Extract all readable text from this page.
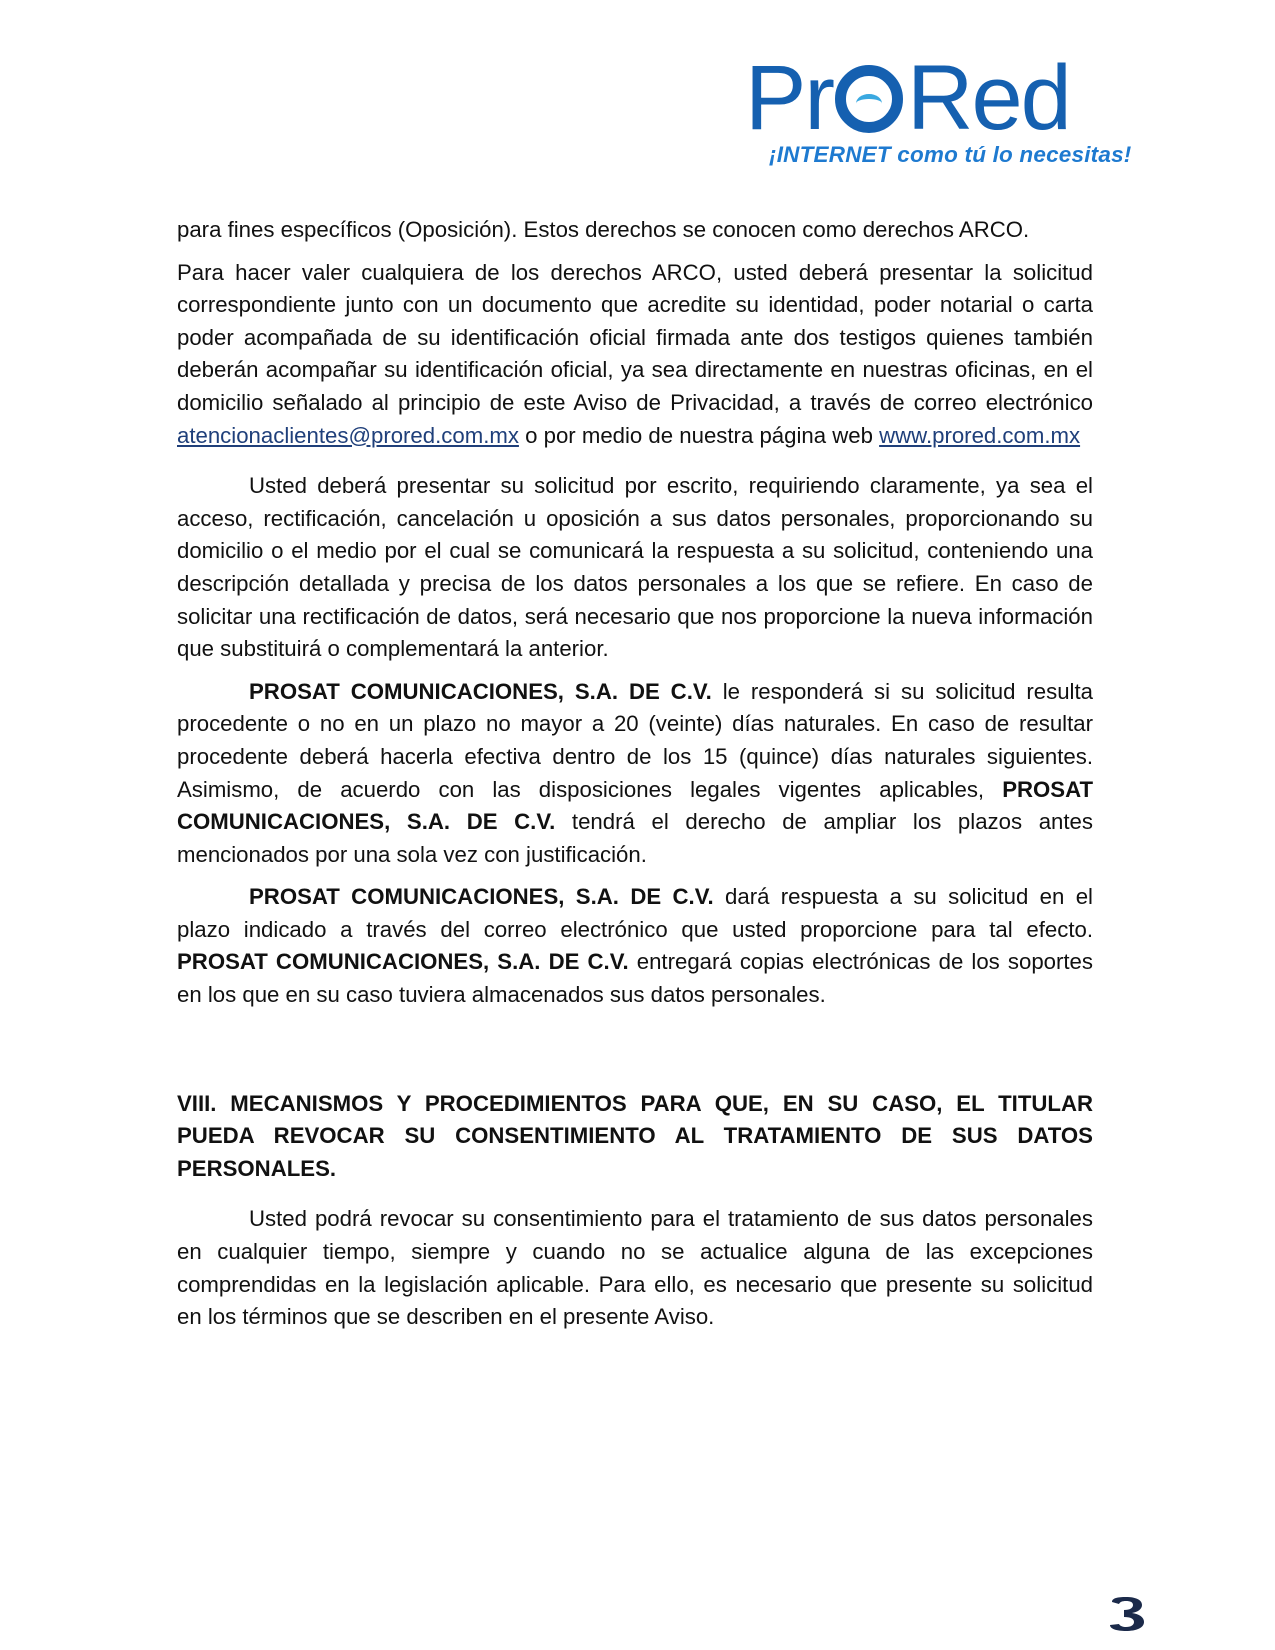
Pr Red
¡INTERNET como tú lo necesitas!

para fines específicos (Oposición). Estos derechos se conocen como derechos ARCO.

Para hacer valer cualquiera de los derechos ARCO, usted deberá presentar la solicitud correspondiente junto con un documento que acredite su identidad, poder notarial o carta poder acompañada de su identificación oficial firmada ante dos testigos quienes también deberán acompañar su identificación oficial, ya sea directamente en nuestras oficinas, en el domicilio señalado al principio de este Aviso de Privacidad, a través de correo electrónico atencionaclientes@prored.com.mx o por medio de nuestra página web www.prored.com.mx

Usted deberá presentar su solicitud por escrito, requiriendo claramente, ya sea el acceso, rectificación, cancelación u oposición a sus datos personales, proporcionando su domicilio o el medio por el cual se comunicará la respuesta a su solicitud, conteniendo una descripción detallada y precisa de los datos personales a los que se refiere. En caso de solicitar una rectificación de datos, será necesario que nos proporcione la nueva información que substituirá o complementará la anterior.

PROSAT COMUNICACIONES, S.A. DE C.V. le responderá si su solicitud resulta procedente o no en un plazo no mayor a 20 (veinte) días naturales. En caso de resultar procedente deberá hacerla efectiva dentro de los 15 (quince) días naturales siguientes. Asimismo, de acuerdo con las disposiciones legales vigentes aplicables, PROSAT COMUNICACIONES, S.A. DE C.V. tendrá el derecho de ampliar los plazos antes mencionados por una sola vez con justificación.

PROSAT COMUNICACIONES, S.A. DE C.V. dará respuesta a su solicitud en el plazo indicado a través del correo electrónico que usted proporcione para tal efecto. PROSAT COMUNICACIONES, S.A. DE C.V. entregará copias electrónicas de los soportes en los que en su caso tuviera almacenados sus datos personales.

VIII. MECANISMOS Y PROCEDIMIENTOS PARA QUE, EN SU CASO, EL TITULAR PUEDA REVOCAR SU CONSENTIMIENTO AL TRATAMIENTO DE SUS DATOS PERSONALES.

Usted podrá revocar su consentimiento para el tratamiento de sus datos personales en cualquier tiempo, siempre y cuando no se actualice alguna de las excepciones comprendidas en la legislación aplicable. Para ello, es necesario que presente su solicitud en los términos que se describen en el presente Aviso.
